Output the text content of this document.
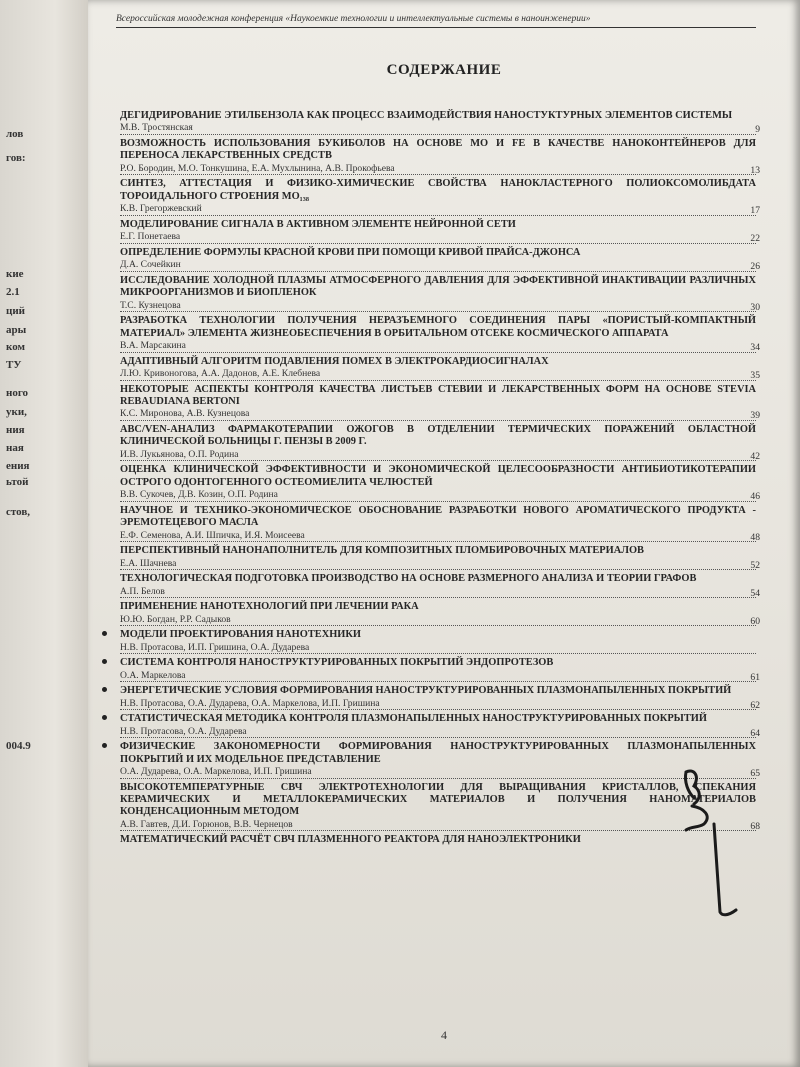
лов
гов:
кие
2.1
ций
ары
ком
ТУ
ного
уки,
ния
ная
ения
ьтой
стов,
004.9
Всероссийская молодежная конференция «Наукоемкие технологии и интеллектуальные системы в наноинженерии»
СОДЕРЖАНИЕ
ДЕГИДРИРОВАНИЕ ЭТИЛБЕНЗОЛА КАК ПРОЦЕСС ВЗАИМОДЕЙСТВИЯ НАНОСТУКТУРНЫХ ЭЛЕМЕНТОВ СИСТЕМЫ
М.В. Тростянская	9
ВОЗМОЖНОСТЬ ИСПОЛЬЗОВАНИЯ БУКИБОЛОВ НА ОСНОВЕ MO И FE В КАЧЕСТВЕ НАНОКОНТЕЙНЕРОВ ДЛЯ ПЕРЕНОСА ЛЕКАРСТВЕННЫХ СРЕДСТВ
Р.О. Бородин, М.О. Тонкушина, Е.А. Мухлынина, А.В. Прокофьева	13
СИНТЕЗ, АТТЕСТАЦИЯ И ФИЗИКО-ХИМИЧЕСКИЕ СВОЙСТВА НАНОКЛАСТЕРНОГО ПОЛИОКСОМОЛИБДАТА ТОРОИДАЛЬНОГО СТРОЕНИЯ MO₁₃₈
К.В. Грегоржевский	17
МОДЕЛИРОВАНИЕ СИГНАЛА В АКТИВНОМ ЭЛЕМЕНТЕ НЕЙРОННОЙ СЕТИ
Е.Г. Понетаева	22
ОПРЕДЕЛЕНИЕ ФОРМУЛЫ КРАСНОЙ КРОВИ ПРИ ПОМОЩИ КРИВОЙ ПРАЙСА-ДЖОНСА
Д.А. Сочейкин	26
ИССЛЕДОВАНИЕ ХОЛОДНОЙ ПЛАЗМЫ АТМОСФЕРНОГО ДАВЛЕНИЯ ДЛЯ ЭФФЕКТИВНОЙ ИНАКТИВАЦИИ РАЗЛИЧНЫХ МИКРООРГАНИЗМОВ И БИОПЛЕНОК
Т.С. Кузнецова	30
РАЗРАБОТКА ТЕХНОЛОГИИ ПОЛУЧЕНИЯ НЕРАЗЪЕМНОГО СОЕДИНЕНИЯ ПАРЫ «ПОРИСТЫЙ-КОМПАКТНЫЙ МАТЕРИАЛ» ЭЛЕМЕНТА ЖИЗНЕОБЕСПЕЧЕНИЯ В ОРБИТАЛЬНОМ ОТСЕКЕ КОСМИЧЕСКОГО АППАРАТА
В.А. Марсакина	34
АДАПТИВНЫЙ АЛГОРИТМ ПОДАВЛЕНИЯ ПОМЕХ В ЭЛЕКТРОКАРДИОСИГНАЛАХ
Л.Ю. Кривоногова, А.А. Дадонов, А.Е. Клебнева	35
НЕКОТОРЫЕ АСПЕКТЫ КОНТРОЛЯ КАЧЕСТВА ЛИСТЬЕВ СТЕВИИ И ЛЕКАРСТВЕННЫХ ФОРМ НА ОСНОВЕ STEVIA REBAUDIANA BERTONI
К.С. Миронова, А.В. Кузнецова	39
ABC/VEN-АНАЛИЗ ФАРМАКОТЕРАПИИ ОЖОГОВ В ОТДЕЛЕНИИ ТЕРМИЧЕСКИХ ПОРАЖЕНИЙ ОБЛАСТНОЙ КЛИНИЧЕСКОЙ БОЛЬНИЦЫ Г. ПЕНЗЫ В 2009 Г.
И.В. Лукьянова, О.П. Родина	42
ОЦЕНКА КЛИНИЧЕСКОЙ ЭФФЕКТИВНОСТИ И ЭКОНОМИЧЕСКОЙ ЦЕЛЕСООБРАЗНОСТИ АНТИБИОТИКОТЕРАПИИ ОСТРОГО ОДОНТОГЕННОГО ОСТЕОМИЕЛИТА ЧЕЛЮСТЕЙ
В.В. Сукочев, Д.В. Козин, О.П. Родина	46
НАУЧНОЕ И ТЕХНИКО-ЭКОНОМИЧЕСКОЕ ОБОСНОВАНИЕ РАЗРАБОТКИ НОВОГО АРОМАТИЧЕСКОГО ПРОДУКТА - ЭРЕМОТЕЦЕВОГО МАСЛА
Е.Ф. Семенова, А.И. Шпичка, И.Я. Моисеева	48
ПЕРСПЕКТИВНЫЙ НАНОНАПОЛНИТЕЛЬ ДЛЯ КОМПОЗИТНЫХ ПЛОМБИРОВОЧНЫХ МАТЕРИАЛОВ
Е.А. Шачнева	52
ТЕХНОЛОГИЧЕСКАЯ ПОДГОТОВКА ПРОИЗВОДСТВО НА ОСНОВЕ РАЗМЕРНОГО АНАЛИЗА И ТЕОРИИ ГРАФОВ
А.П. Белов	54
ПРИМЕНЕНИЕ НАНОТЕХНОЛОГИЙ ПРИ ЛЕЧЕНИИ РАКА
Ю.Ю. Богдан, Р.Р. Садыков	60
МОДЕЛИ ПРОЕКТИРОВАНИЯ НАНОТЕХНИКИ
Н.В. Протасова, И.П. Гришина, О.А. Дударева
СИСТЕМА КОНТРОЛЯ НАНОСТРУКТУРИРОВАННЫХ ПОКРЫТИЙ ЭНДОПРОТЕЗОВ
О.А. Маркелова	61
ЭНЕРГЕТИЧЕСКИЕ УСЛОВИЯ ФОРМИРОВАНИЯ НАНОСТРУКТУРИРОВАННЫХ ПЛАЗМОНАПЫЛЕННЫХ ПОКРЫТИЙ
Н.В. Протасова, О.А. Дударева, О.А. Маркелова, И.П. Гришина	62
СТАТИСТИЧЕСКАЯ МЕТОДИКА КОНТРОЛЯ ПЛАЗМОНАПЫЛЕННЫХ НАНОСТРУКТУРИРОВАННЫХ ПОКРЫТИЙ
Н.В. Протасова, О.А. Дударева	64
ФИЗИЧЕСКИЕ ЗАКОНОМЕРНОСТИ ФОРМИРОВАНИЯ НАНОСТРУКТУРИРОВАННЫХ ПЛАЗМОНАПЫЛЕННЫХ ПОКРЫТИЙ И ИХ МОДЕЛЬНОЕ ПРЕДСТАВЛЕНИЕ
О.А. Дударева, О.А. Маркелова, И.П. Гришина	65
ВЫСОКОТЕМПЕРАТУРНЫЕ СВЧ ЭЛЕКТРОТЕХНОЛОГИИ ДЛЯ ВЫРАЩИВАНИЯ КРИСТАЛЛОВ, СПЕКАНИЯ КЕРАМИЧЕСКИХ И МЕТАЛЛОКЕРАМИЧЕСКИХ МАТЕРИАЛОВ И ПОЛУЧЕНИЯ НАНОМАТЕРИАЛОВ КОНДЕНСАЦИОННЫМ МЕТОДОМ
А.В. Гавтев, Д.И. Горюнов, В.В. Чернецов	68
МАТЕМАТИЧЕСКИЙ РАСЧЁТ СВЧ ПЛАЗМЕННОГО РЕАКТОРА ДЛЯ НАНОЭЛЕКТРОНИКИ
4
